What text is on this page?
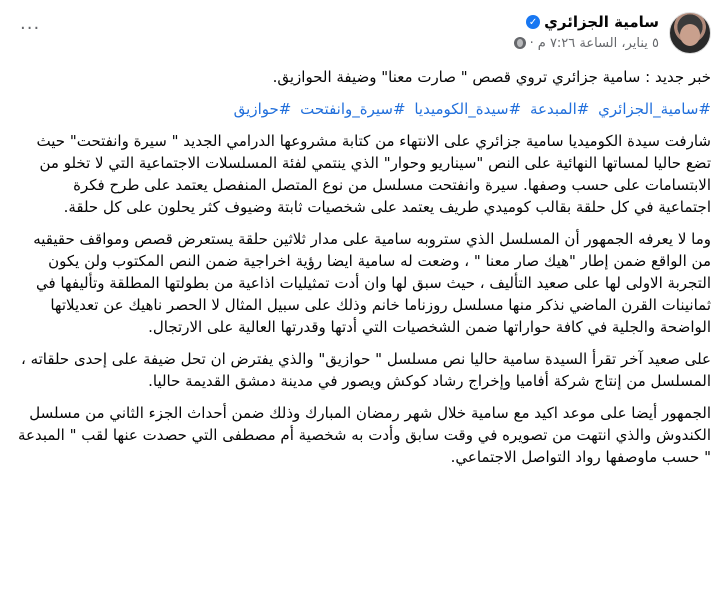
سامية الجزائري
✓
٥ يناير، الساعة ٧:٢٦ م
·
···

خبر جديد : سامية جزائري تروي قصص " صارت معنا" وضيفة الحوازيق.

#سامية_الجزائري #المبدعة #سيدة_الكوميديا #سيرة_وانفتحت #حوازيق

شارفت سيدة الكوميديا سامية جزائري على الانتهاء من كتابة مشروعها الدرامي الجديد " سيرة وانفتحت" حيث تضع حاليا لمساتها النهائية على النص "سيناريو وحوار" الذي ينتمي لفئة المسلسلات الاجتماعية التي لا تخلو من الابتسامات على حسب وصفها. سيرة وانفتحت مسلسل من نوع المتصل المنفصل يعتمد على طرح فكرة اجتماعية في كل حلقة بقالب كوميدي طريف يعتمد على شخصيات ثابتة وضيوف كثر يحلون على كل حلقة.

وما لا يعرفه الجمهور أن المسلسل الذي ستروبه سامية على مدار ثلاثين حلقة يستعرض قصص ومواقف حقيقيه من الواقع ضمن إطار "هيك صار معنا " ، وضعت له سامية ايضا رؤية اخراجية ضمن النص المكتوب ولن يكون التجربة الاولى لها على صعيد التأليف ، حيث سبق لها وان أدت تمثيليات اذاعية من بطولتها المطلقة وتأليفها في ثمانينات القرن الماضي نذكر منها مسلسل روزناما خانم وذلك على سبيل المثال لا الحصر ناهيك عن تعديلاتها الواضحة والجلية في كافة حواراتها ضمن الشخصيات التي أدتها وقدرتها العالية على الارتجال.

على صعيد آخر تقرأ السيدة سامية حاليا نص مسلسل " حوازيق" والذي يفترض ان تحل ضيفة على إحدى حلقاته ، المسلسل من إنتاج شركة أفاميا وإخراج رشاد كوكش ويصور في مدينة دمشق القديمة حاليا.

الجمهور أيضا على موعد اكيد مع سامية خلال شهر رمضان المبارك وذلك ضمن أحداث الجزء الثاني من مسلسل الكندوش والذي انتهت من تصويره في وقت سابق وأدت به شخصية أم مصطفى التي حصدت عنها لقب " المبدعة " حسب ماوصفها رواد التواصل الاجتماعي.
